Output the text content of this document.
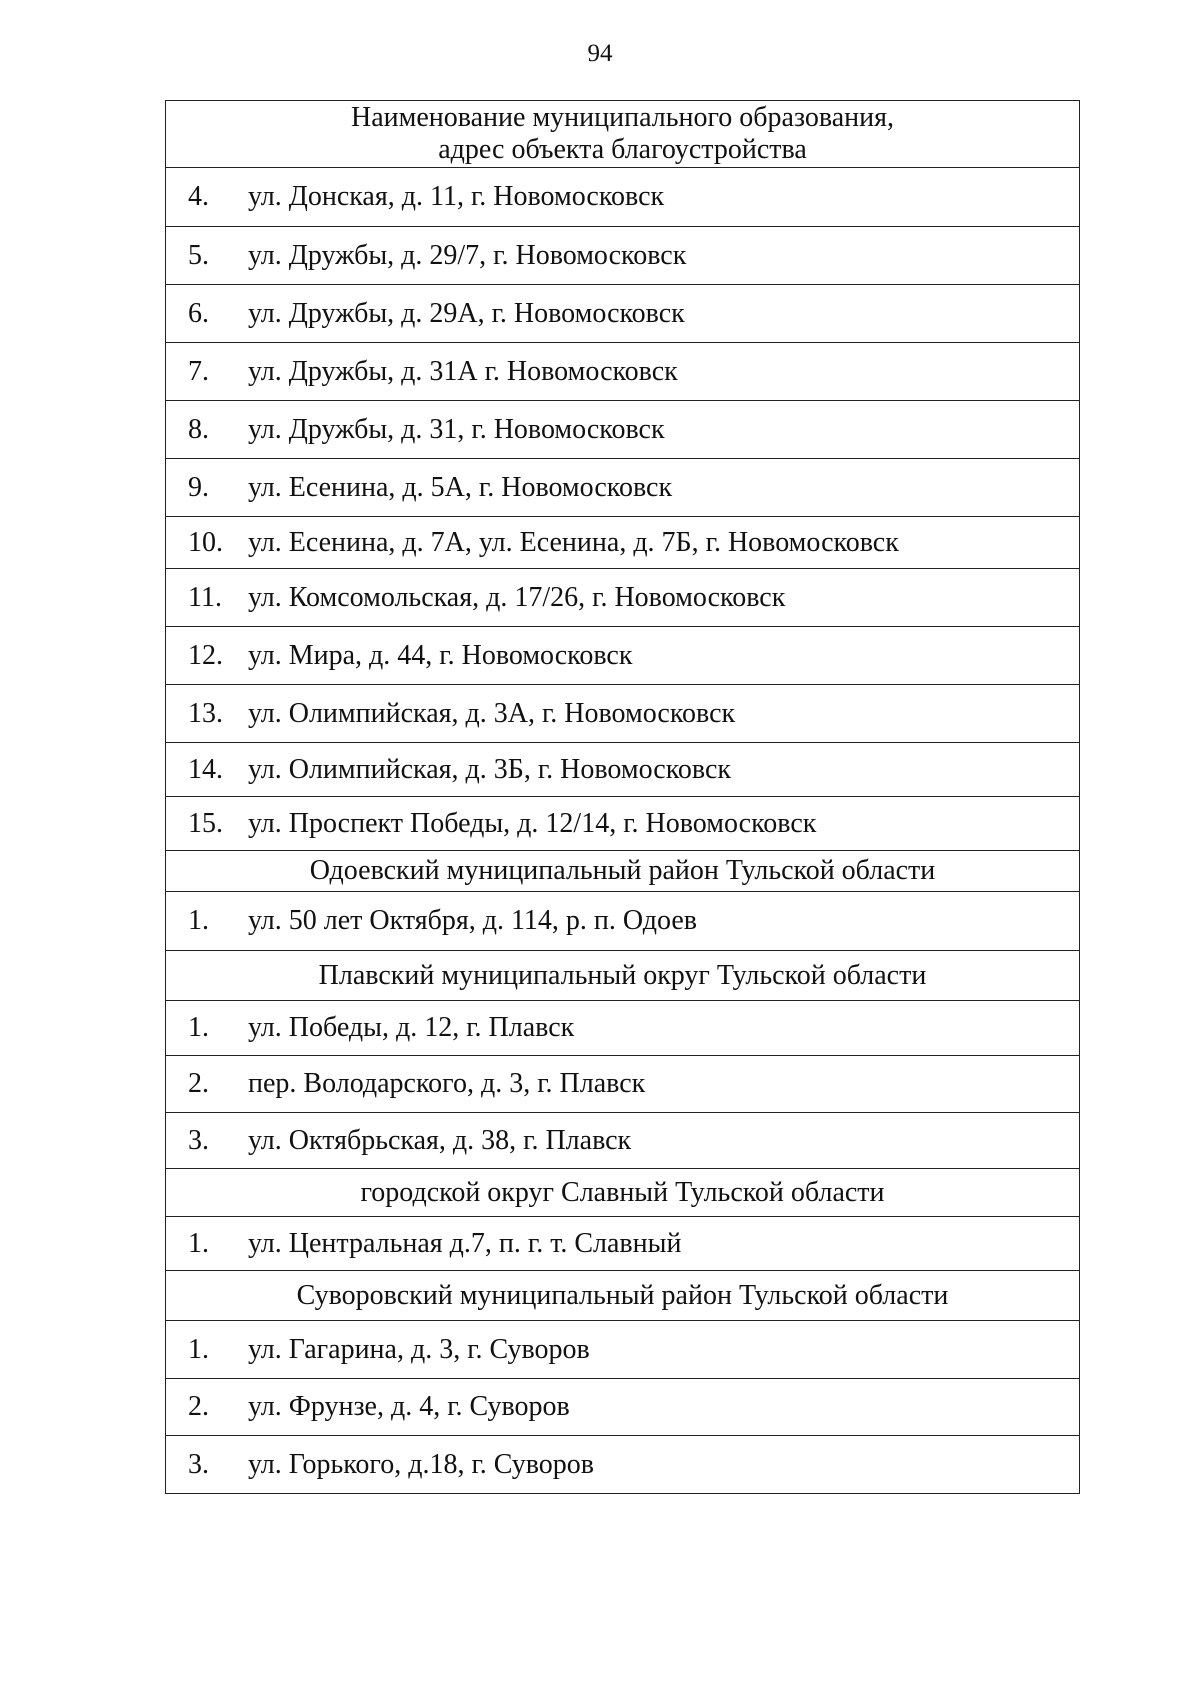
94
Наименование муниципального образования,
адрес объекта благоустройства

4.	ул. Донская, д. 11, г. Новомосковск

5.	ул. Дружбы, д. 29/7, г. Новомосковск

6.	ул. Дружбы, д. 29А, г. Новомосковск

7.	ул. Дружбы, д. 31А г. Новомосковск

8.	ул. Дружбы, д. 31, г. Новомосковск

9.	ул. Есенина, д. 5А, г. Новомосковск

10. ул. Есенина, д. 7А, ул. Есенина, д. 7Б, г. Новомосковск

11. ул. Комсомольская, д. 17/26, г. Новомосковск

12. ул. Мира, д. 44, г. Новомосковск

13. ул. Олимпийская, д. 3А, г. Новомосковск

14. ул. Олимпийская, д. 3Б, г. Новомосковск

15. ул. Проспект Победы, д. 12/14, г. Новомосковск

Одоевский муниципальный район Тульской области

1.	ул. 50 лет Октября, д. 114, р. п. Одоев

Плавский муниципальный округ Тульской области

1.	ул. Победы, д. 12, г. Плавск

2.	пер. Володарского, д. 3, г. Плавск

3.	ул. Октябрьская, д. 38, г. Плавск

городской округ Славный Тульской области

1.	ул. Центральная д.7, п. г. т. Славный

Суворовский муниципальный район Тульской области

1.	ул. Гагарина, д. 3, г. Суворов

2.	ул. Фрунзе, д. 4, г. Суворов

3.	ул. Горького, д.18, г. Суворов
